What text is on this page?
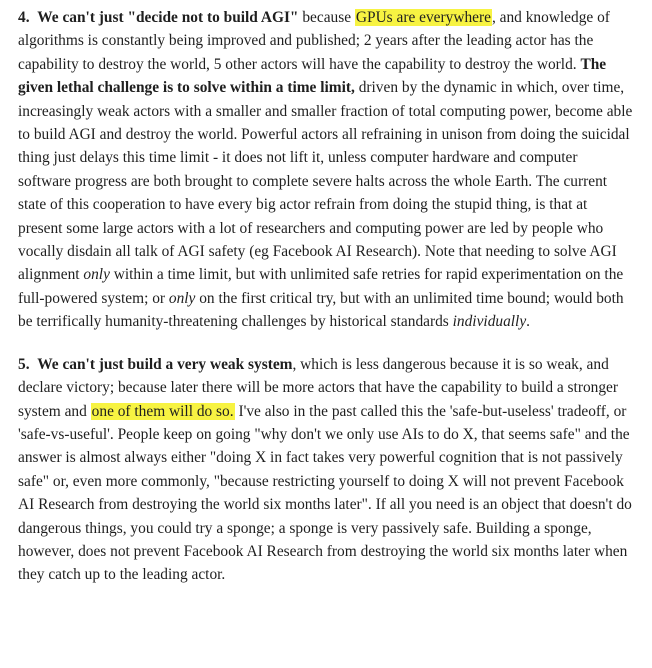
4. We can't just "decide not to build AGI" because GPUs are everywhere, and knowledge of algorithms is constantly being improved and published; 2 years after the leading actor has the capability to destroy the world, 5 other actors will have the capability to destroy the world. The given lethal challenge is to solve within a time limit, driven by the dynamic in which, over time, increasingly weak actors with a smaller and smaller fraction of total computing power, become able to build AGI and destroy the world. Powerful actors all refraining in unison from doing the suicidal thing just delays this time limit - it does not lift it, unless computer hardware and computer software progress are both brought to complete severe halts across the whole Earth. The current state of this cooperation to have every big actor refrain from doing the stupid thing, is that at present some large actors with a lot of researchers and computing power are led by people who vocally disdain all talk of AGI safety (eg Facebook AI Research). Note that needing to solve AGI alignment only within a time limit, but with unlimited safe retries for rapid experimentation on the full-powered system; or only on the first critical try, but with an unlimited time bound; would both be terrifically humanity-threatening challenges by historical standards individually.

5. We can't just build a very weak system, which is less dangerous because it is so weak, and declare victory; because later there will be more actors that have the capability to build a stronger system and one of them will do so. I've also in the past called this the 'safe-but-useless' tradeoff, or 'safe-vs-useful'. People keep on going "why don't we only use AIs to do X, that seems safe" and the answer is almost always either "doing X in fact takes very powerful cognition that is not passively safe" or, even more commonly, "because restricting yourself to doing X will not prevent Facebook AI Research from destroying the world six months later". If all you need is an object that doesn't do dangerous things, you could try a sponge; a sponge is very passively safe. Building a sponge, however, does not prevent Facebook AI Research from destroying the world six months later when they catch up to the leading actor.
